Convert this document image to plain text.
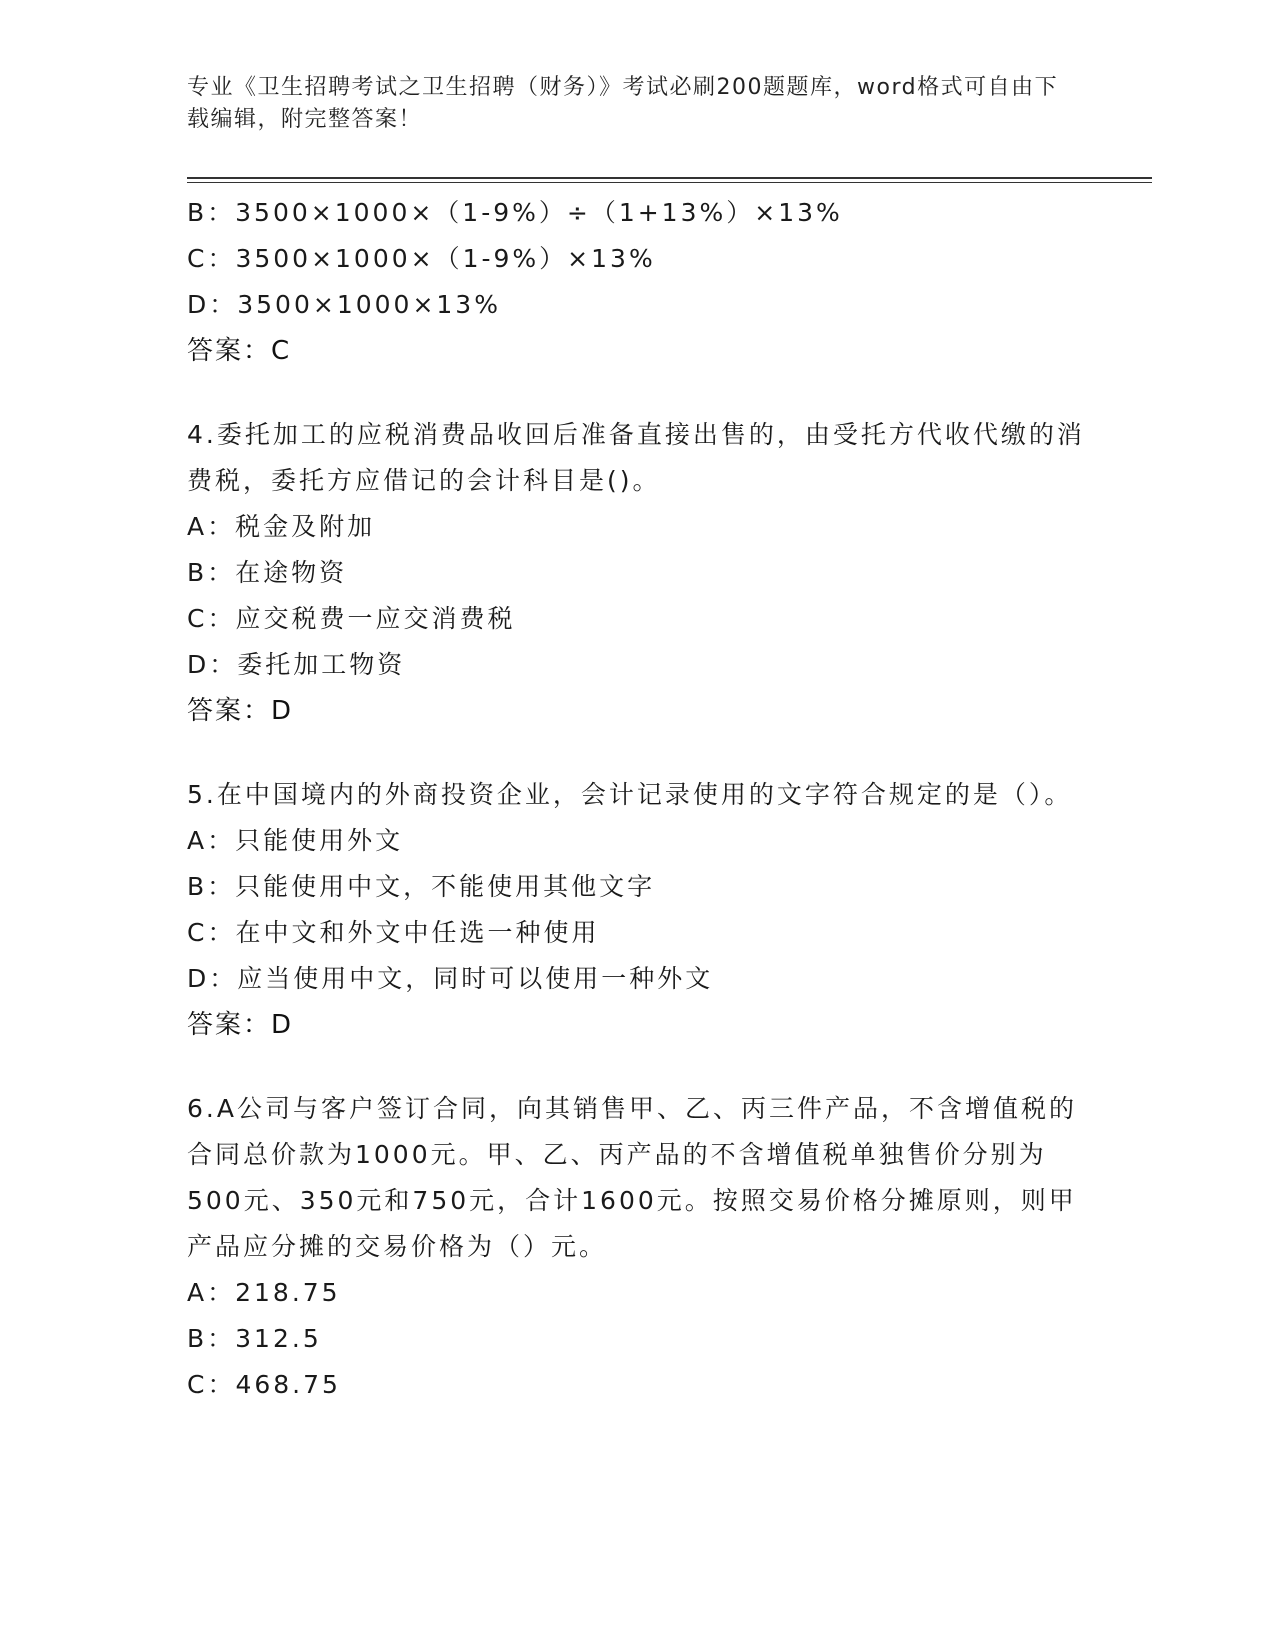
专业《卫生招聘考试之卫生招聘（财务）》考试必刷200题题库，word格式可自由下载编辑，附完整答案！
B：3500×1000×（1-9%）÷（1+13%）×13%
C：3500×1000×（1-9%）×13%
D：3500×1000×13%
答案：C
4.委托加工的应税消费品收回后准备直接出售的，由受托方代收代缴的消费税，委托方应借记的会计科目是()。
A：税金及附加
B：在途物资
C：应交税费一应交消费税
D：委托加工物资
答案：D
5.在中国境内的外商投资企业，会计记录使用的文字符合规定的是（）。
A：只能使用外文
B：只能使用中文，不能使用其他文字
C：在中文和外文中任选一种使用
D：应当使用中文，同时可以使用一种外文
答案：D
6.A公司与客户签订合同，向其销售甲、乙、丙三件产品，不含增值税的合同总价款为1000元。甲、乙、丙产品的不含增值税单独售价分别为500元、350元和750元，合计1600元。按照交易价格分摊原则，则甲产品应分摊的交易价格为（）元。
A：218.75
B：312.5
C：468.75
